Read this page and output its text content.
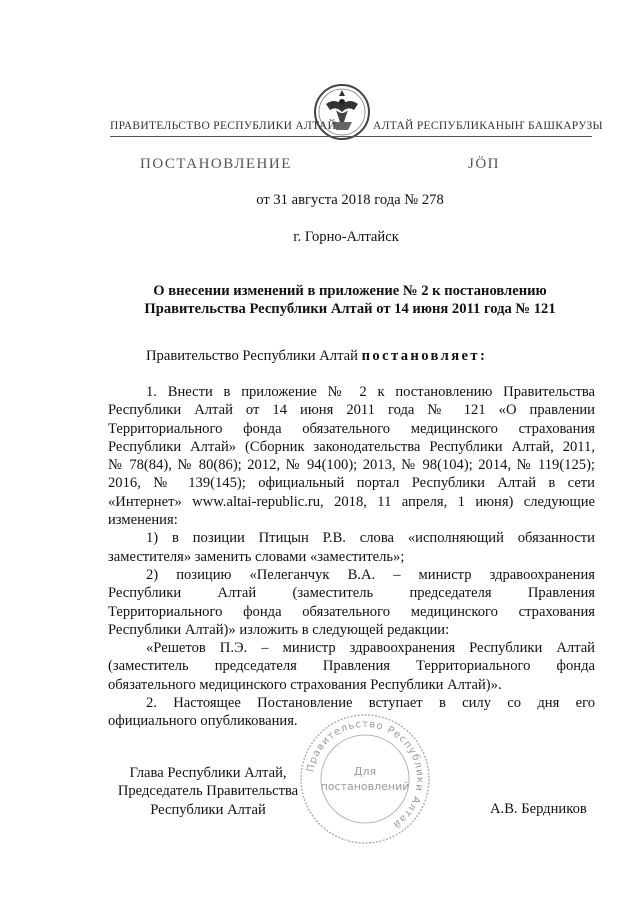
ПРАВИТЕЛЬСТВО РЕСПУБЛИКИ АЛТАЙ	АЛТАЙ РЕСПУБЛИКАНЫҤ БАШКАРУЗЫ
ПОСТАНОВЛЕНИЕ	ЈӦП
от 31 августа 2018 года № 278
г. Горно-Алтайск
О внесении изменений в приложение № 2 к постановлению
Правительства Республики Алтай от 14 июня 2011 года № 121
Правительство Республики Алтай постановляет:
1. Внести в приложение № 2 к постановлению Правительства
Республики Алтай от 14 июня 2011 года № 121 «О правлении
Территориального фонда обязательного медицинского страхования
Республики Алтай» (Сборник законодательства Республики Алтай, 2011,
№ 78(84), № 80(86); 2012, № 94(100); 2013, № 98(104); 2014, № 119(125);
2016, № 139(145); официальный портал Республики Алтай в сети
«Интернет» www.altai-republic.ru, 2018, 11 апреля, 1 июня) следующие
изменения:
1) в позиции Птицын Р.В. слова «исполняющий обязанности
заместителя» заменить словами «заместитель»;
2) позицию «Пелеганчук В.А. – министр здравоохранения
Республики Алтай (заместитель председателя Правления
Территориального фонда обязательного медицинского страхования
Республики Алтай)» изложить в следующей редакции:
«Решетов П.Э. – министр здравоохранения Республики Алтай
(заместитель председателя Правления Территориального фонда
обязательного медицинского страхования Республики Алтай)».
2. Настоящее Постановление вступает в силу со дня его
официального опубликования.
Правительство Республики Алтай
Для
постановлений
Глава Республики Алтай,
Председатель Правительства
Республики Алтай	А.В. Бердников
